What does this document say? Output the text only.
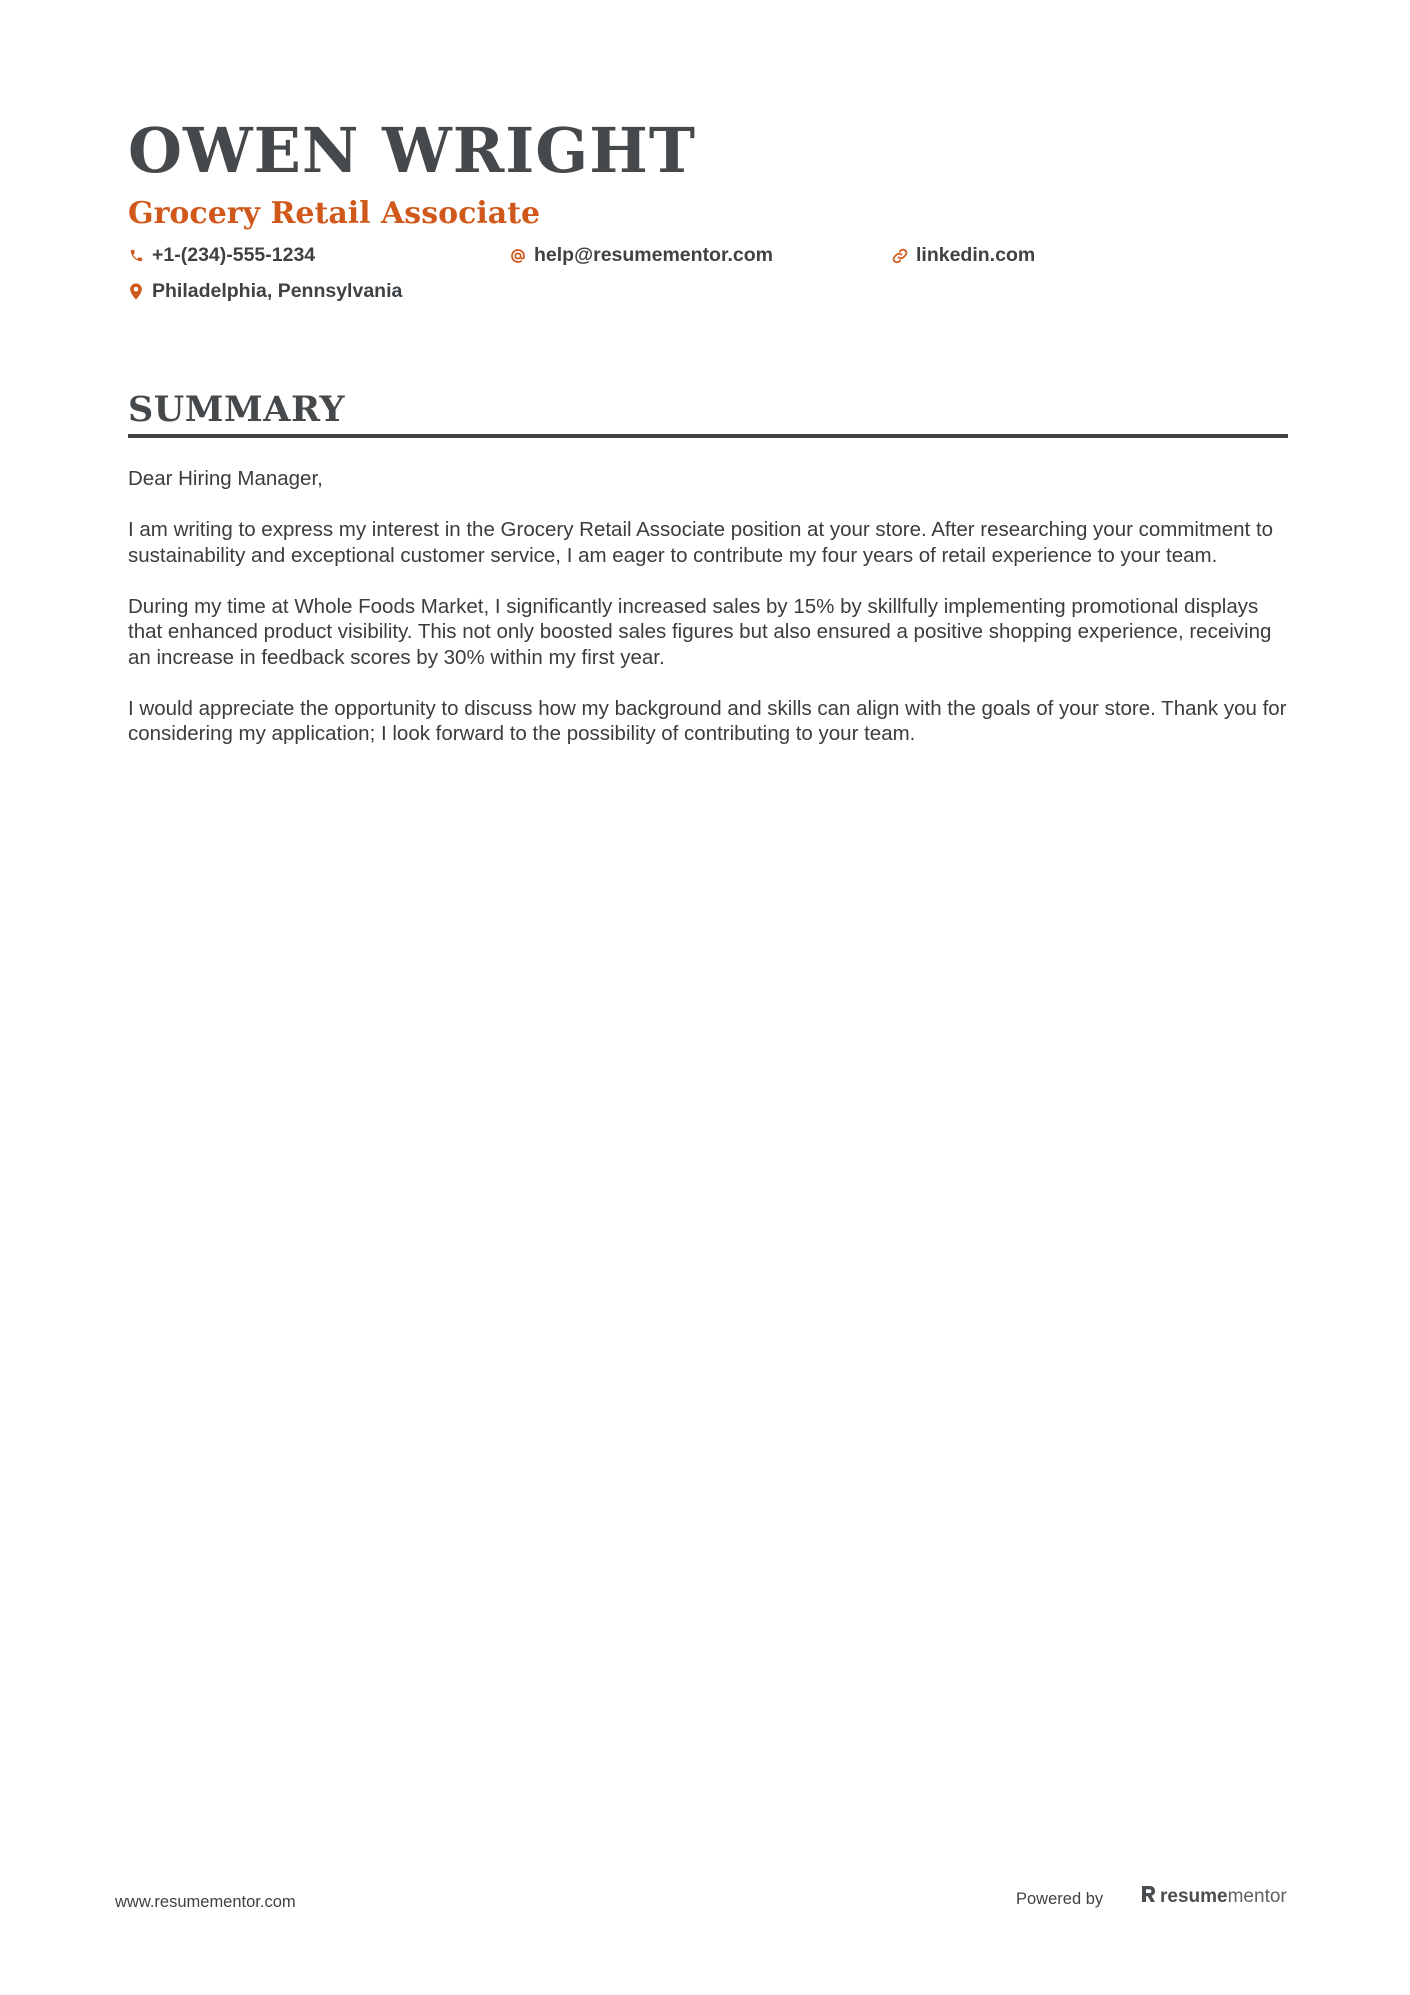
OWEN WRIGHT
Grocery Retail Associate
+1-(234)-555-1234	help@resumementor.com	linkedin.com
Philadelphia, Pennsylvania
SUMMARY

Dear Hiring Manager,

I am writing to express my interest in the Grocery Retail Associate position at your store. After researching your commitment to sustainability and exceptional customer service, I am eager to contribute my four years of retail experience to your team.

During my time at Whole Foods Market, I significantly increased sales by 15% by skillfully implementing promotional displays that enhanced product visibility. This not only boosted sales figures but also ensured a positive shopping experience, receiving an increase in feedback scores by 30% within my first year.

I would appreciate the opportunity to discuss how my background and skills can align with the goals of your store. Thank you for considering my application; I look forward to the possibility of contributing to your team.

www.resumementor.com	Powered by	resumementor
